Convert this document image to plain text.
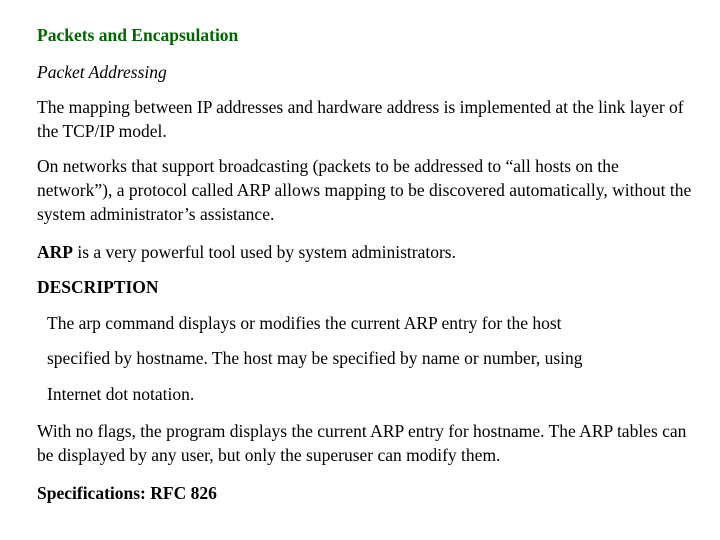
Packets and Encapsulation

Packet Addressing

The mapping between IP addresses and hardware address is implemented at the link layer of the TCP/IP model.

On networks that support broadcasting (packets to be addressed to “all hosts on the network”), a protocol called ARP allows mapping to be discovered automatically, without the system administrator’s assistance.

ARP is a very powerful tool used by system administrators.

DESCRIPTION

The arp command displays or modifies the current ARP entry for the host

specified by hostname. The host may be specified by name or number, using

Internet dot notation.

With no flags, the program displays the current ARP entry for hostname. The ARP tables can be displayed by any user, but only the superuser can modify them.

Specifications: RFC 826
